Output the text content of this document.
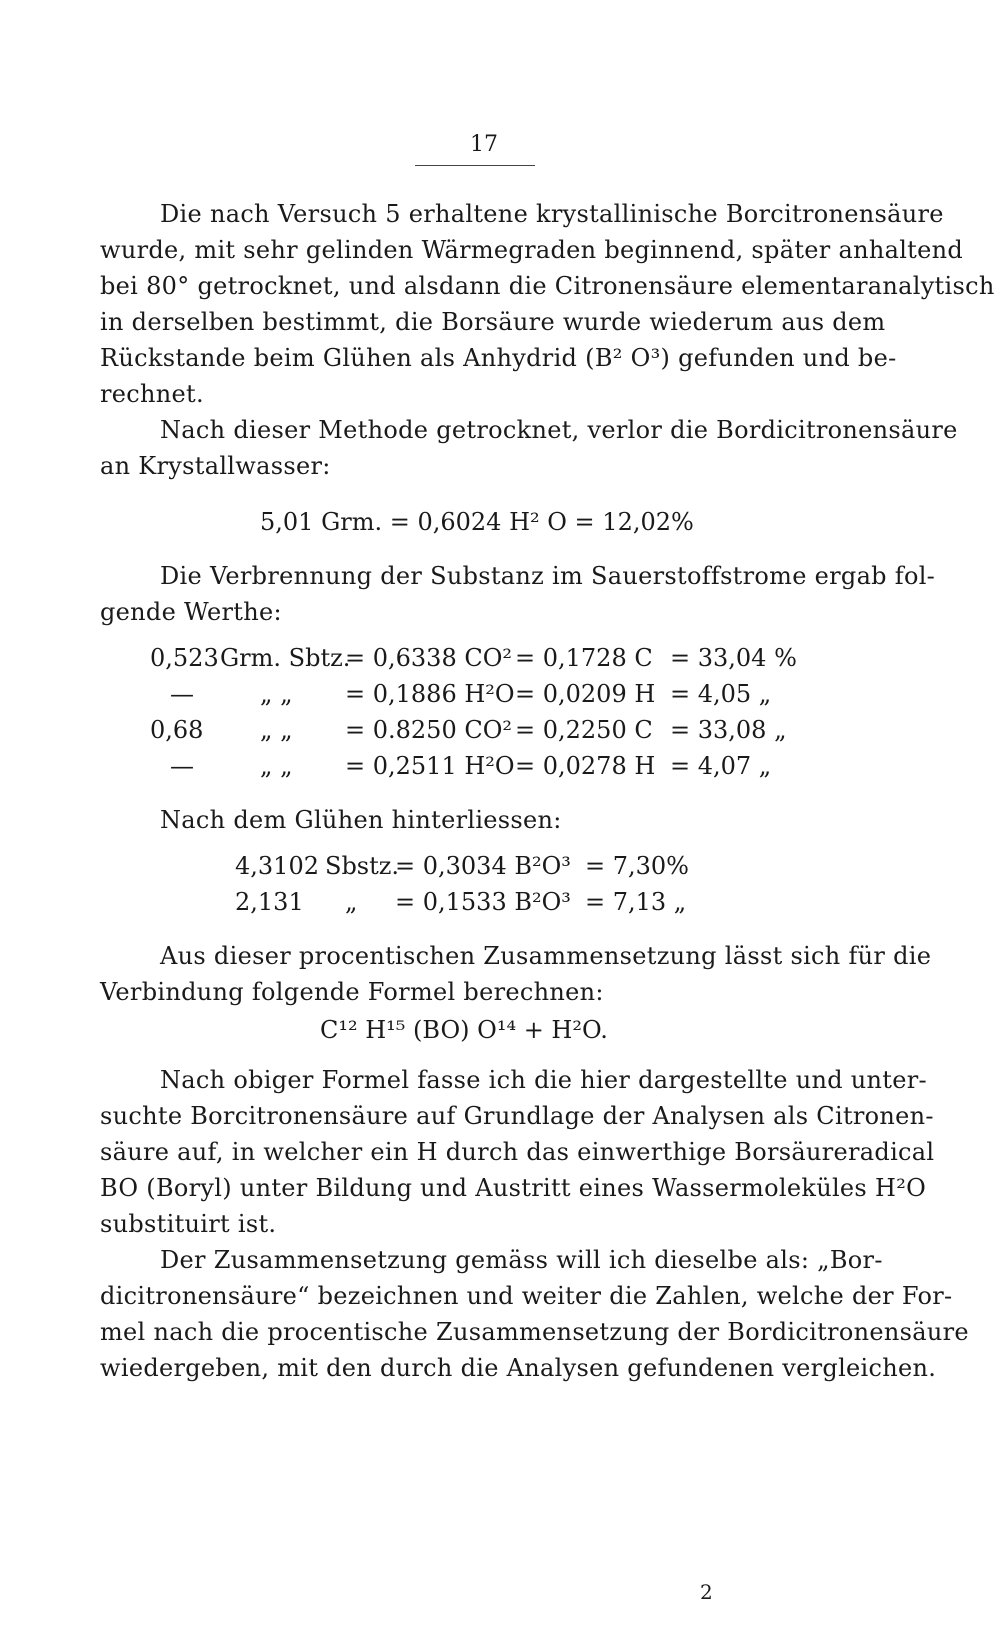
17
Die nach Versuch 5 erhaltene krystallinische Borcitronensäure
wurde, mit sehr gelinden Wärmegraden beginnend, später anhaltend
bei 80° getrocknet, und alsdann die Citronensäure elementaranalytisch
in derselben bestimmt, die Borsäure wurde wiederum aus dem
Rückstande beim Glühen als Anhydrid (B² O³) gefunden und be-
rechnet.
Nach dieser Methode getrocknet, verlor die Bordicitronensäure
an Krystallwasser:
5,01 Grm. = 0,6024 H² O = 12,02%
Die Verbrennung der Substanz im Sauerstoffstrome ergab fol-
gende Werthe:
0,523 Grm. Sbtz.
= 0,6338 CO² = 0,1728 C = 33,04 %
—	„ „ = 0,1886 H²O = 0,0209 H = 4,05 „
0,68 „ „ = 0.8250 CO² = 0,2250 C = 33,08 „
—	„ „ = 0,2511 H²O = 0,0278 H = 4,07 „
Nach dem Glühen hinterliessen:
4,3102 Sbstz.
= 0,3034 B²O³ = 7,30%
2,131 „ = 0,1533 B²O³ = 7,13 „
Aus dieser procentischen Zusammensetzung lässt sich für die
Verbindung folgende Formel berechnen:
C¹² H¹⁵ (BO) O¹⁴ + H²O.
Nach obiger Formel fasse ich die hier dargestellte und unter-
suchte Borcitronensäure auf Grundlage der Analysen als Citronen-
säure auf, in welcher ein H durch das einwerthige Borsäureradical
BO (Boryl) unter Bildung und Austritt eines Wassermoleküles H²O
substituirt ist.
Der Zusammensetzung gemäss will ich dieselbe als: „Bor-
dicitronensäure“ bezeichnen und weiter die Zahlen, welche der For-
mel nach die procentische Zusammensetzung der Bordicitronensäure
wiedergeben, mit den durch die Analysen gefundenen vergleichen.
2
